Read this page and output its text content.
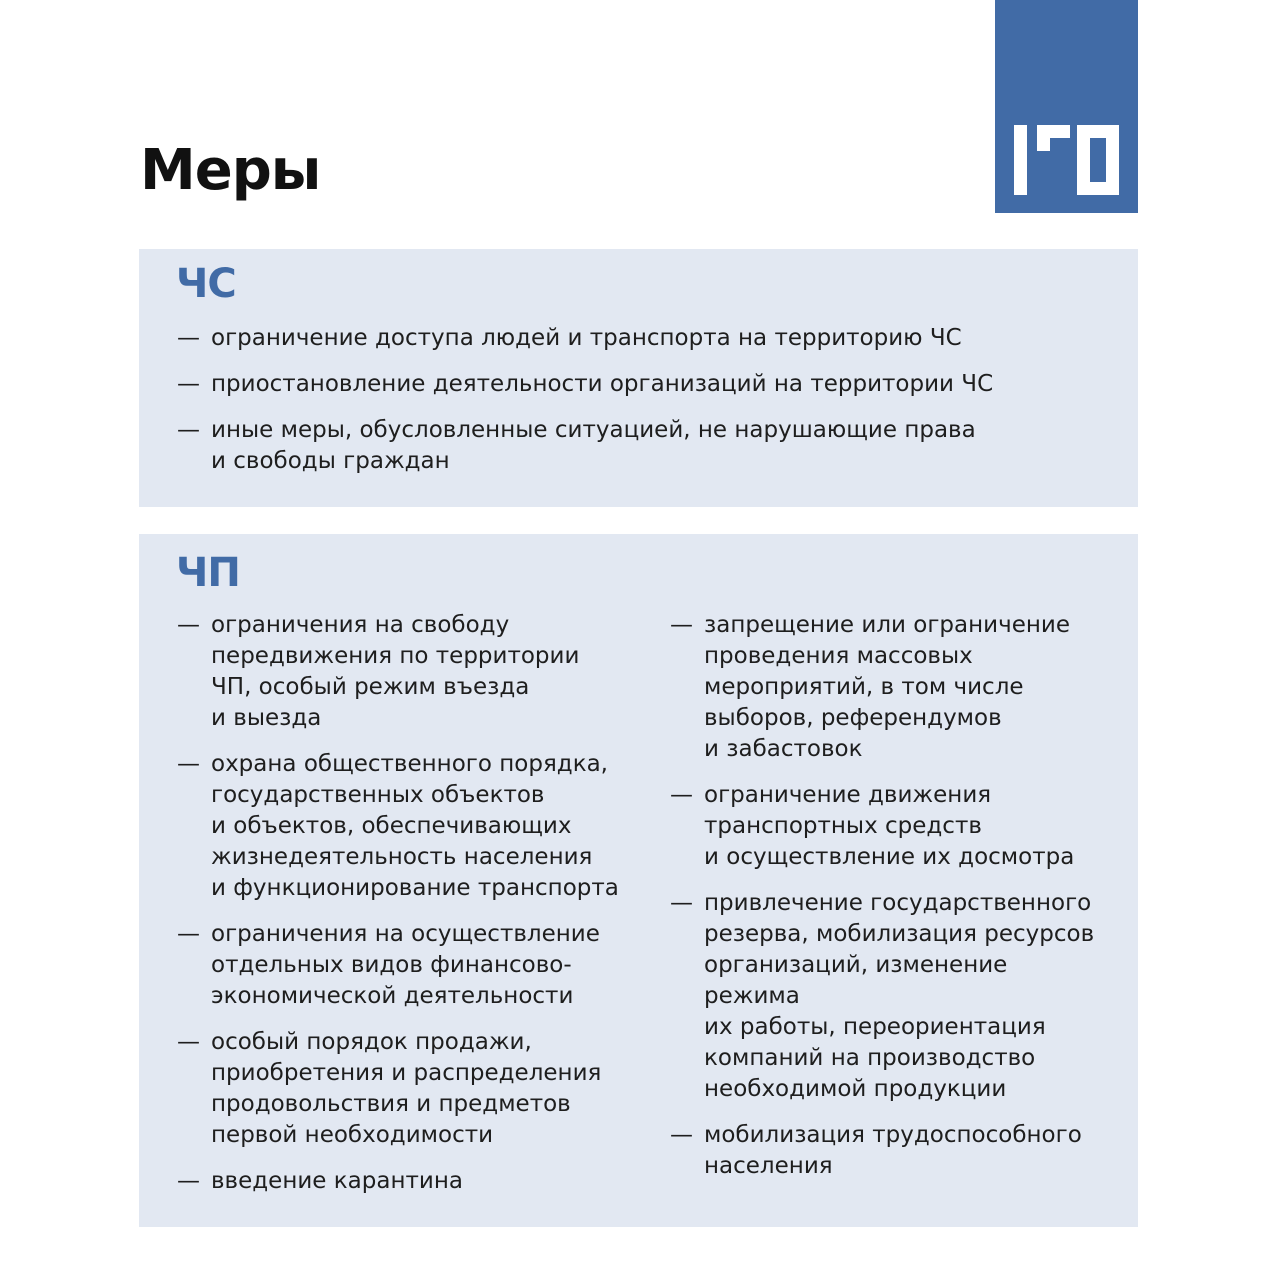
Меры
ЧС
— ограничение доступа людей и транспорта на территорию ЧС
— приостановление деятельности организаций на территории ЧС
— иные меры, обусловленные ситуацией, не нарушающие права
и свободы граждан
ЧП
— ограничения на свободу
передвижения по территории
ЧП, особый режим въезда
и выезда
— охрана общественного порядка,
государственных объектов
и объектов, обеспечивающих
жизнедеятельность населения
и функционирование транспорта
— ограничения на осуществление
отдельных видов финансово-
экономической деятельности
— особый порядок продажи,
приобретения и распределения
продовольствия и предметов
первой необходимости
— введение карантина
— запрещение или ограничение
проведения массовых
мероприятий, в том числе
выборов, референдумов
и забастовок
— ограничение движения
транспортных средств
и осуществление их досмотра
— привлечение государственного
резерва, мобилизация ресурсов
организаций, изменение режима
их работы, переориентация
компаний на производство
необходимой продукции
— мобилизация трудоспособного
населения
